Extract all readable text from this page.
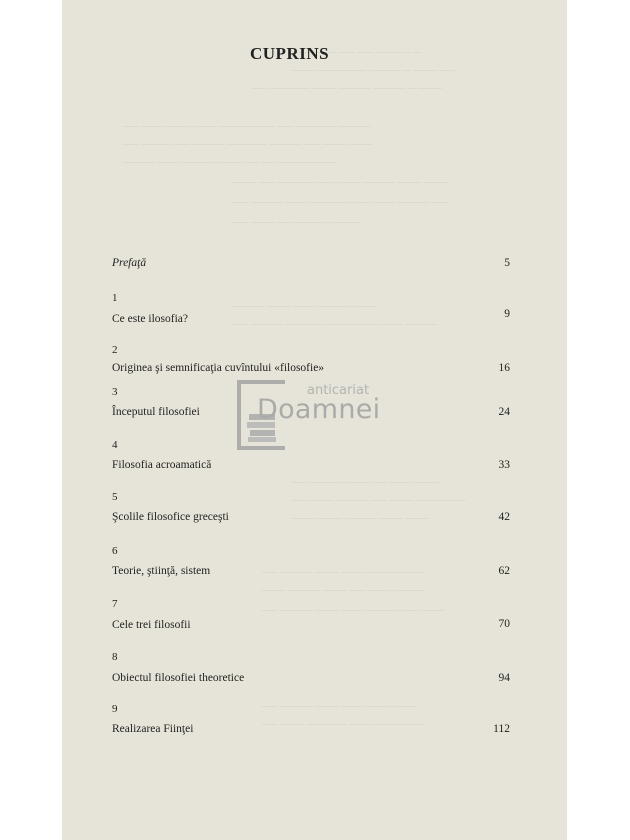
— — — —— —— —— — —— ——
—— ——— — ———— —————— ———
——— — ———— ———— ——— ————— ——
———— ————— —— ——————— ——— ——— ——— ——
——— ——— —— ———— ————— ———— —— ———— ——
——————— —— —— ——— ———— ——— ————
——— ——— ———— ——— —— ————— —— ———
—— ———— ——— —— ————— ——— ———— ——
———— ———— —— ——— ——
——— ———— ——— ——— ————
———— ——— ———— —— ————— ———— ——
——— ——— —— ——— ———— ——
—— ———— ——— —— ———— ——— ——
——— ——— ———— ——— ———
——— ———— ——— ——— ———— ——
———— ——— —— ——— ———— ———
——— —— ———— ——— ——— ———— ——
——— ——— ——— ——— ———— ——
———— —— ——— ————— ——— ——
CUPRINS
Prefaţă	5
1
Ce este ilosofia?	9
2
Originea şi semnificaţia cuvîntului «filosofie»	16
3
Începutul filosofiei	24
4
Filosofia acroamatică	33
5
Şcolile filosofice greceşti	42
6
Teorie, ştiinţă, sistem	62
7
Cele trei filosofii	70
8
Obiectul filosofiei theoretice	94
9
Realizarea Fiinţei	112
anticariat
Doamnei
